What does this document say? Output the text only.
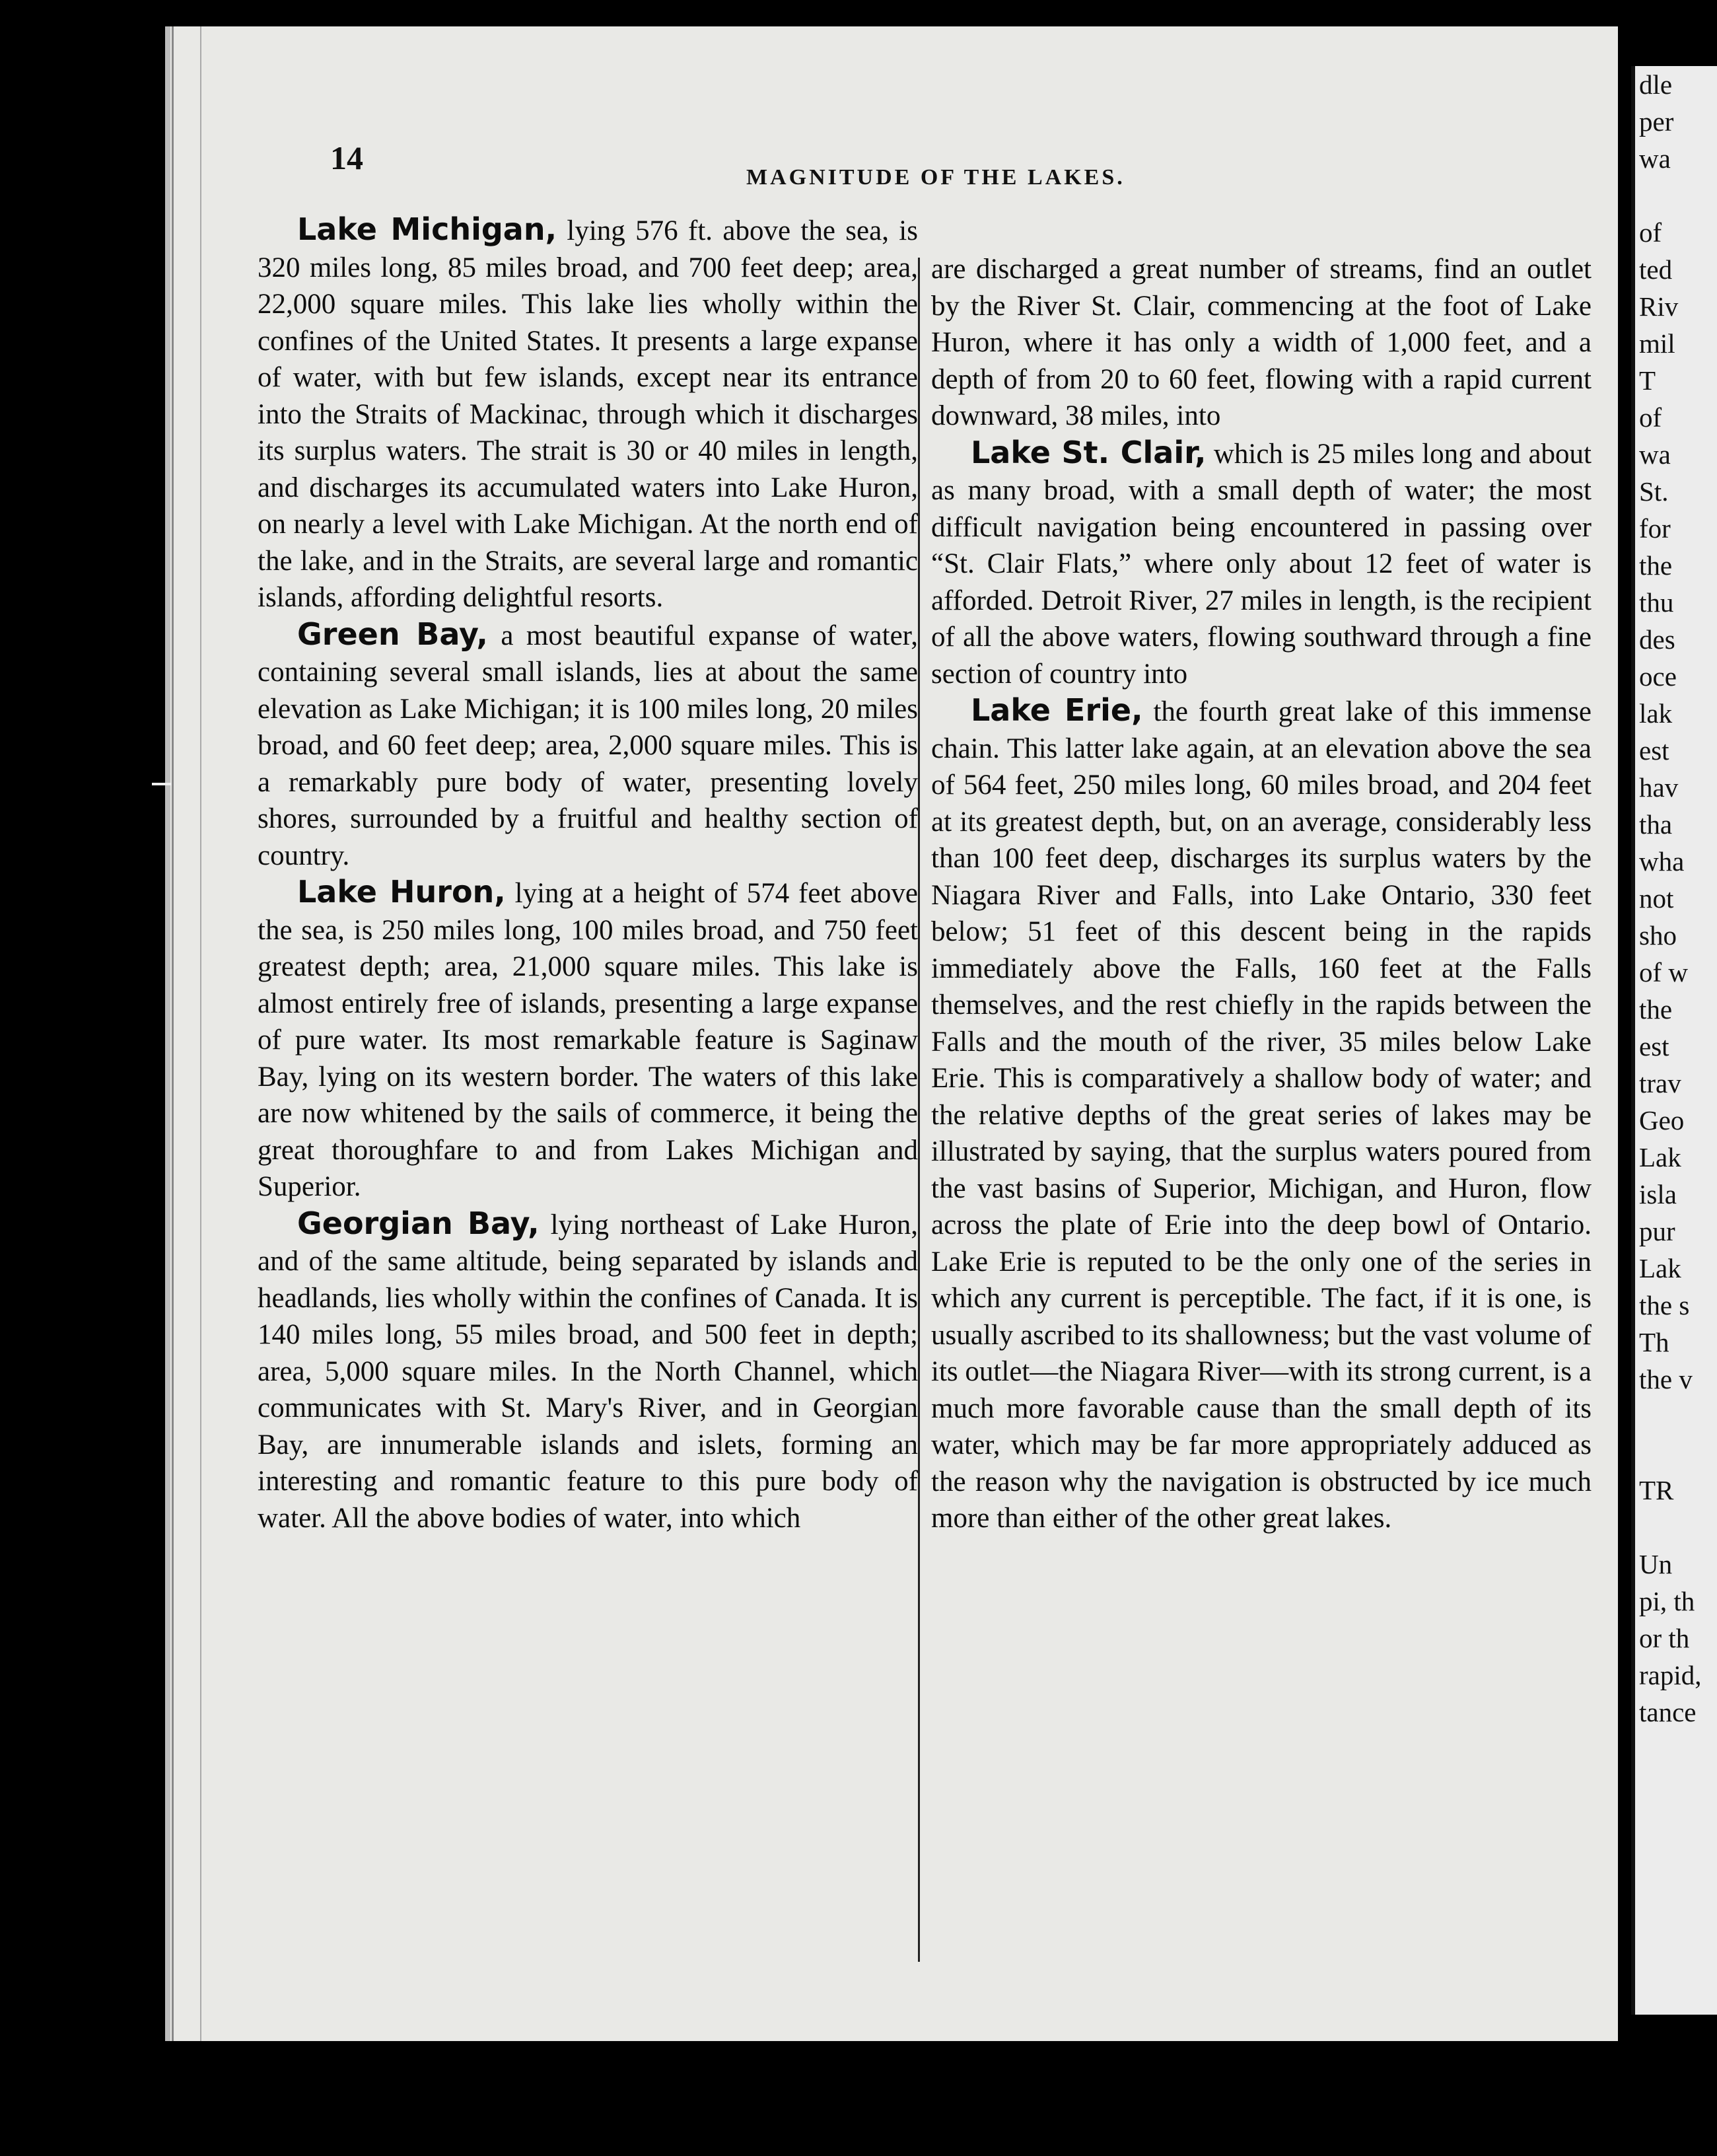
14
MAGNITUDE OF THE LAKES.

Lake Michigan, lying 576 ft. above the sea, is 320 miles long, 85 miles broad, and 700 feet deep; area, 22,000 square miles. This lake lies wholly within the confines of the United States. It presents a large expanse of water, with but few islands, except near its entrance into the Straits of Mackinac, through which it discharges its surplus waters. The strait is 30 or 40 miles in length, and discharges its accumulated waters into Lake Huron, on nearly a level with Lake Michigan. At the north end of the lake, and in the Straits, are several large and romantic islands, affording delightful resorts.

Green Bay, a most beautiful expanse of water, containing several small islands, lies at about the same elevation as Lake Michigan; it is 100 miles long, 20 miles broad, and 60 feet deep; area, 2,000 square miles. This is a remarkably pure body of water, presenting lovely shores, surrounded by a fruitful and healthy section of country.

Lake Huron, lying at a height of 574 feet above the sea, is 250 miles long, 100 miles broad, and 750 feet greatest depth; area, 21,000 square miles. This lake is almost entirely free of islands, presenting a large expanse of pure water. Its most remarkable feature is Saginaw Bay, lying on its western border. The waters of this lake are now whitened by the sails of commerce, it being the great thoroughfare to and from Lakes Michigan and Superior.

Georgian Bay, lying northeast of Lake Huron, and of the same altitude, being separated by islands and headlands, lies wholly within the confines of Canada. It is 140 miles long, 55 miles broad, and 500 feet in depth; area, 5,000 square miles. In the North Channel, which communicates with St. Mary's River, and in Georgian Bay, are innumerable islands and islets, forming an interesting and romantic feature to this pure body of water. All the above bodies of water, into which

are discharged a great number of streams, find an outlet by the River St. Clair, commencing at the foot of Lake Huron, where it has only a width of 1,000 feet, and a depth of from 20 to 60 feet, flowing with a rapid current downward, 38 miles, into

Lake St. Clair, which is 25 miles long and about as many broad, with a small depth of water; the most difficult navigation being encountered in passing over “St. Clair Flats,” where only about 12 feet of water is afforded. Detroit River, 27 miles in length, is the recipient of all the above waters, flowing southward through a fine section of country into

Lake Erie, the fourth great lake of this immense chain. This latter lake again, at an elevation above the sea of 564 feet, 250 miles long, 60 miles broad, and 204 feet at its greatest depth, but, on an average, considerably less than 100 feet deep, discharges its surplus waters by the Niagara River and Falls, into Lake Ontario, 330 feet below; 51 feet of this descent being in the rapids immediately above the Falls, 160 feet at the Falls themselves, and the rest chiefly in the rapids between the Falls and the mouth of the river, 35 miles below Lake Erie. This is comparatively a shallow body of water; and the relative depths of the great series of lakes may be illustrated by saying, that the surplus waters poured from the vast basins of Superior, Michigan, and Huron, flow across the plate of Erie into the deep bowl of Ontario. Lake Erie is reputed to be the only one of the series in which any current is perceptible. The fact, if it is one, is usually ascribed to its shallowness; but the vast volume of its outlet—the Niagara River—with its strong current, is a much more favorable cause than the small depth of its water, which may be far more appropriately adduced as the reason why the navigation is obstructed by ice much more than either of the other great lakes.

dle
per
wa
of
ted
Riv
mil
T
of
wa
St.
for
the
thu
des
oce
lak
est
hav
tha
wha
not
sho
of w
the
est
trav
Geo
Lak
isla
pur
Lak
the s
Th
the v
TR
Un
pi, th
or th
rapid,
tance
